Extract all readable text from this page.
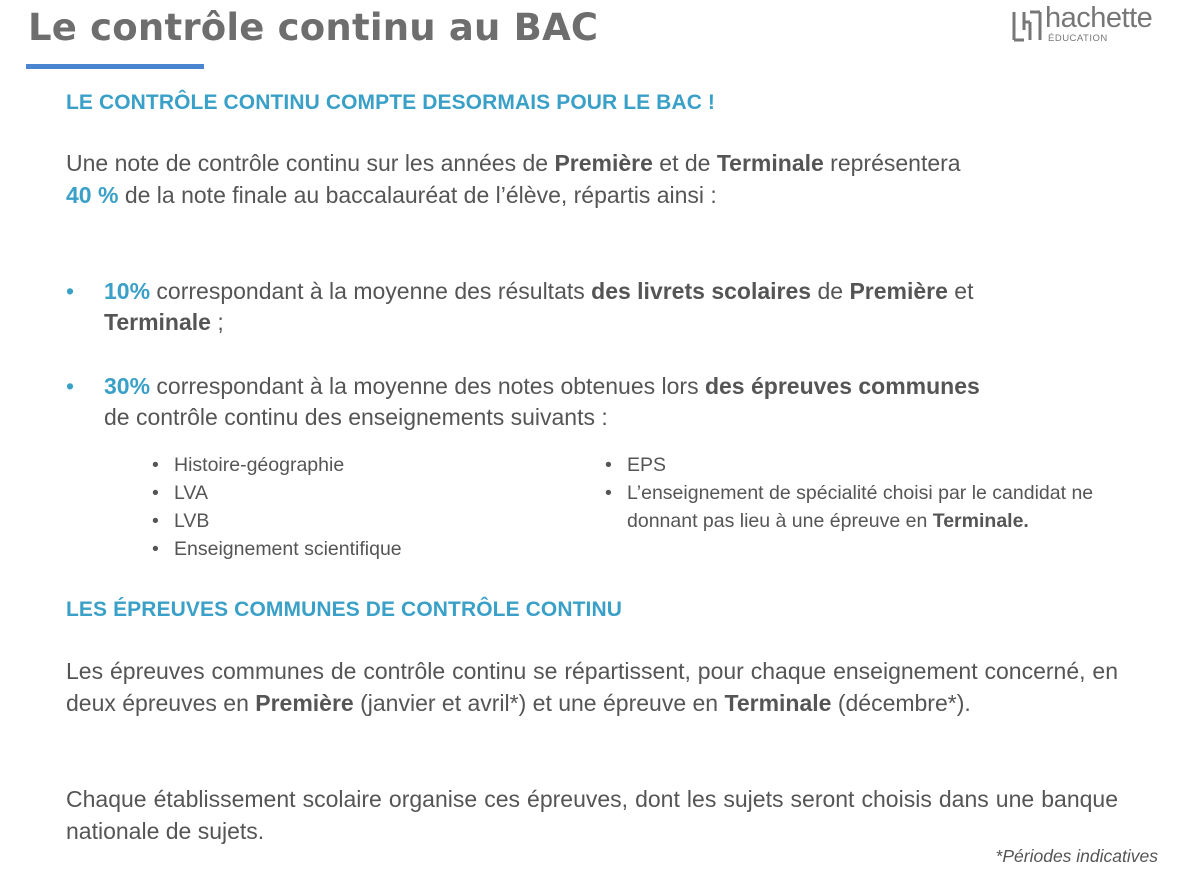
Le contrôle continu au BAC	hachette
ÉDUCATION
LE CONTRÔLE CONTINU COMPTE DESORMAIS POUR LE BAC !

Une note de contrôle continu sur les années de Première et de Terminale représentera
40 % de la note finale au baccalauréat de l’élève, répartis ainsi :

• 10% correspondant à la moyenne des résultats des livrets scolaires de Première et
Terminale ;
• 30% correspondant à la moyenne des notes obtenues lors des épreuves communes
de contrôle continu des enseignements suivants :
• Histoire-géographie
• LVA
• LVB
• Enseignement scientifique
• EPS
• L’enseignement de spécialité choisi par le candidat ne donnant pas lieu à une épreuve en Terminale.
LES ÉPREUVES COMMUNES DE CONTRÔLE CONTINU

Les épreuves communes de contrôle continu se répartissent, pour chaque enseignement concerné, en deux épreuves en Première (janvier et avril*) et une épreuve en Terminale (décembre*).

Chaque établissement scolaire organise ces épreuves, dont les sujets seront choisis dans une banque nationale de sujets.

*Périodes indicatives
